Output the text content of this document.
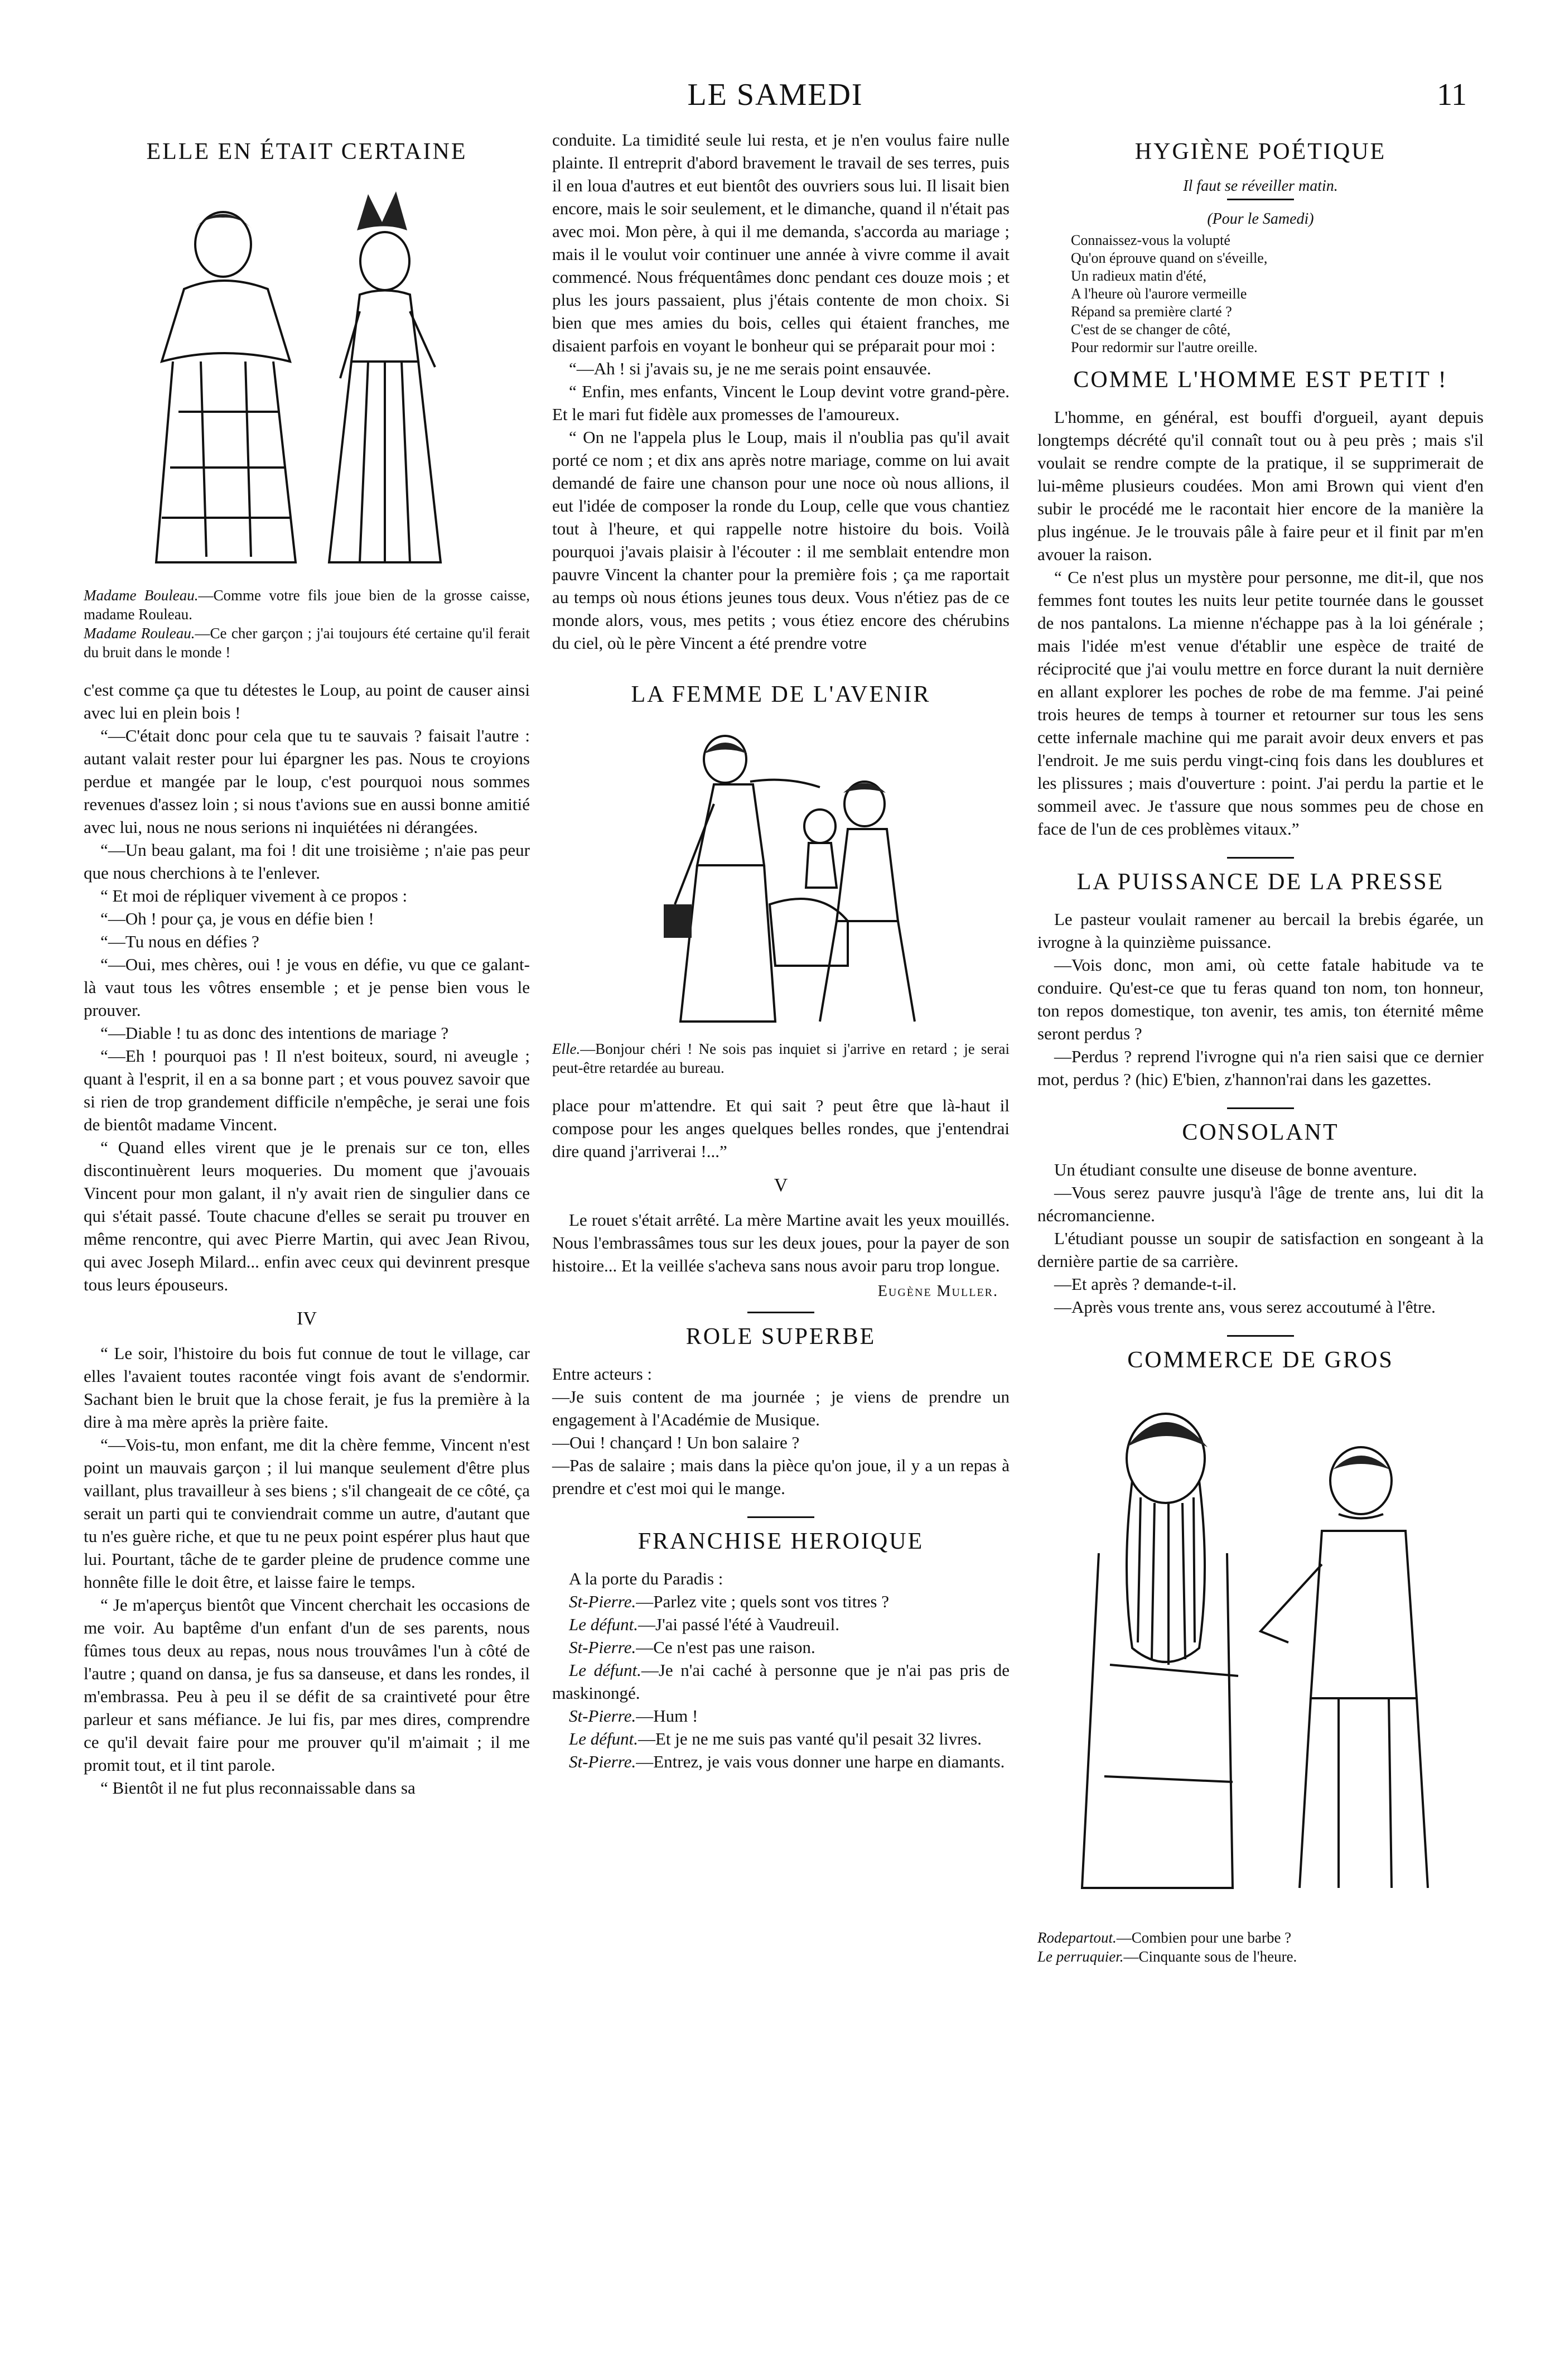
LE SAMEDI	11
ELLE EN ÉTAIT CERTAINE
Madame Bouleau.—Comme votre fils joue bien de la grosse caisse, madame Rouleau.
Madame Rouleau.—Ce cher garçon ; j'ai toujours été certaine qu'il ferait du bruit dans le monde !

c'est comme ça que tu détestes le Loup, au point de causer ainsi avec lui en plein bois !

“—C'était donc pour cela que tu te sauvais ? faisait l'autre : autant valait rester pour lui épargner les pas. Nous te croyions perdue et mangée par le loup, c'est pourquoi nous sommes revenues d'assez loin ; si nous t'avions sue en aussi bonne amitié avec lui, nous ne nous serions ni inquiétées ni dérangées.

“—Un beau galant, ma foi ! dit une troisième ; n'aie pas peur que nous cherchions à te l'enlever.

“ Et moi de répliquer vivement à ce propos :

“—Oh ! pour ça, je vous en défie bien !

“—Tu nous en défies ?

“—Oui, mes chères, oui ! je vous en défie, vu que ce galant-là vaut tous les vôtres ensemble ; et je pense bien vous le prouver.

“—Diable ! tu as donc des intentions de mariage ?

“—Eh ! pourquoi pas ! Il n'est boiteux, sourd, ni aveugle ; quant à l'esprit, il en a sa bonne part ; et vous pouvez savoir que si rien de trop grandement difficile n'empêche, je serai une fois de bientôt madame Vincent.

“ Quand elles virent que je le prenais sur ce ton, elles discontinuèrent leurs moqueries. Du moment que j'avouais Vincent pour mon galant, il n'y avait rien de singulier dans ce qui s'était passé. Toute chacune d'elles se serait pu trouver en même rencontre, qui avec Pierre Martin, qui avec Jean Rivou, qui avec Joseph Milard... enfin avec ceux qui devinrent presque tous leurs épouseurs.

IV

“ Le soir, l'histoire du bois fut connue de tout le village, car elles l'avaient toutes racontée vingt fois avant de s'endormir. Sachant bien le bruit que la chose ferait, je fus la première à la dire à ma mère après la prière faite.

“—Vois-tu, mon enfant, me dit la chère femme, Vincent n'est point un mauvais garçon ; il lui manque seulement d'être plus vaillant, plus travailleur à ses biens ; s'il changeait de ce côté, ça serait un parti qui te conviendrait comme un autre, d'autant que tu n'es guère riche, et que tu ne peux point espérer plus haut que lui. Pourtant, tâche de te garder pleine de prudence comme une honnête fille le doit être, et laisse faire le temps.

“ Je m'aperçus bientôt que Vincent cherchait les occasions de me voir. Au baptême d'un enfant d'un de ses parents, nous fûmes tous deux au repas, nous nous trouvâmes l'un à côté de l'autre ; quand on dansa, je fus sa danseuse, et dans les rondes, il m'embrassa. Peu à peu il se défit de sa craintiveté pour être parleur et sans méfiance. Je lui fis, par mes dires, comprendre ce qu'il devait faire pour me prouver qu'il m'aimait ; il me promit tout, et il tint parole.

“ Bientôt il ne fut plus reconnaissable dans sa

conduite. La timidité seule lui resta, et je n'en voulus faire nulle plainte. Il entreprit d'abord bravement le travail de ses terres, puis il en loua d'autres et eut bientôt des ouvriers sous lui. Il lisait bien encore, mais le soir seulement, et le dimanche, quand il n'était pas avec moi. Mon père, à qui il me demanda, s'accorda au mariage ; mais il le voulut voir continuer une année à vivre comme il avait commencé. Nous fréquentâmes donc pendant ces douze mois ; et plus les jours passaient, plus j'étais contente de mon choix. Si bien que mes amies du bois, celles qui étaient franches, me disaient parfois en voyant le bonheur qui se préparait pour moi :

“—Ah ! si j'avais su, je ne me serais point ensauvée.

“ Enfin, mes enfants, Vincent le Loup devint votre grand-père. Et le mari fut fidèle aux promesses de l'amoureux.

“ On ne l'appela plus le Loup, mais il n'oublia pas qu'il avait porté ce nom ; et dix ans après notre mariage, comme on lui avait demandé de faire une chanson pour une noce où nous allions, il eut l'idée de composer la ronde du Loup, celle que vous chantiez tout à l'heure, et qui rappelle notre histoire du bois. Voilà pourquoi j'avais plaisir à l'écouter : il me semblait entendre mon pauvre Vincent la chanter pour la première fois ; ça me raportait au temps où nous étions jeunes tous deux. Vous n'étiez pas de ce monde alors, vous, mes petits ; vous étiez encore des chérubins du ciel, où le père Vincent a été prendre votre

LA FEMME DE L'AVENIR
Elle.—Bonjour chéri ! Ne sois pas inquiet si j'arrive en retard ; je serai peut-être retardée au bureau.

place pour m'attendre. Et qui sait ? peut être que là-haut il compose pour les anges quelques belles rondes, que j'entendrai dire quand j'arriverai !...”

V

Le rouet s'était arrêté. La mère Martine avait les yeux mouillés. Nous l'embrassâmes tous sur les deux joues, pour la payer de son histoire... Et la veillée s'acheva sans nous avoir paru trop longue.

Eugène Muller.
ROLE SUPERBE

Entre acteurs :

—Je suis content de ma journée ; je viens de prendre un engagement à l'Académie de Musique.

—Oui ! chançard ! Un bon salaire ?

—Pas de salaire ; mais dans la pièce qu'on joue, il y a un repas à prendre et c'est moi qui le mange.

FRANCHISE HEROIQUE

A la porte du Paradis :

St-Pierre.—Parlez vite ; quels sont vos titres ?

Le défunt.—J'ai passé l'été à Vaudreuil.

St-Pierre.—Ce n'est pas une raison.

Le défunt.—Je n'ai caché à personne que je n'ai pas pris de maskinongé.

St-Pierre.—Hum !

Le défunt.—Et je ne me suis pas vanté qu'il pesait 32 livres.

St-Pierre.—Entrez, je vais vous donner une harpe en diamants.

HYGIÈNE POÉTIQUE
Il faut se réveiller matin.
(Pour le Samedi)
Connaissez-vous la volupté
Qu'on éprouve quand on s'éveille,
Un radieux matin d'été,
A l'heure où l'aurore vermeille
Répand sa première clarté ?
C'est de se changer de côté,
Pour redormir sur l'autre oreille.
COMME L'HOMME EST PETIT !

L'homme, en général, est bouffi d'orgueil, ayant depuis longtemps décrété qu'il connaît tout ou à peu près ; mais s'il voulait se rendre compte de la pratique, il se supprimerait de lui-même plusieurs coudées. Mon ami Brown qui vient d'en subir le procédé me le racontait hier encore de la manière la plus ingénue. Je le trouvais pâle à faire peur et il finit par m'en avouer la raison.

“ Ce n'est plus un mystère pour personne, me dit-il, que nos femmes font toutes les nuits leur petite tournée dans le gousset de nos pantalons. La mienne n'échappe pas à la loi générale ; mais l'idée m'est venue d'établir une espèce de traité de réciprocité que j'ai voulu mettre en force durant la nuit dernière en allant explorer les poches de robe de ma femme. J'ai peiné trois heures de temps à tourner et retourner sur tous les sens cette infernale machine qui me parait avoir deux envers et pas l'endroit. Je me suis perdu vingt-cinq fois dans les doublures et les plissures ; mais d'ouverture : point. J'ai perdu la partie et le sommeil avec. Je t'assure que nous sommes peu de chose en face de l'un de ces problèmes vitaux.”

LA PUISSANCE DE LA PRESSE

Le pasteur voulait ramener au bercail la brebis égarée, un ivrogne à la quinzième puissance.

—Vois donc, mon ami, où cette fatale habitude va te conduire. Qu'est-ce que tu feras quand ton nom, ton honneur, ton repos domestique, ton avenir, tes amis, ton éternité même seront perdus ?

—Perdus ? reprend l'ivrogne qui n'a rien saisi que ce dernier mot, perdus ? (hic) E'bien, z'hannon'rai dans les gazettes.

CONSOLANT

Un étudiant consulte une diseuse de bonne aventure.

—Vous serez pauvre jusqu'à l'âge de trente ans, lui dit la nécromancienne.

L'étudiant pousse un soupir de satisfaction en songeant à la dernière partie de sa carrière.

—Et après ? demande-t-il.

—Après vous trente ans, vous serez accoutumé à l'être.

COMMERCE DE GROS
Rodepartout.—Combien pour une barbe ?
Le perruquier.—Cinquante sous de l'heure.
